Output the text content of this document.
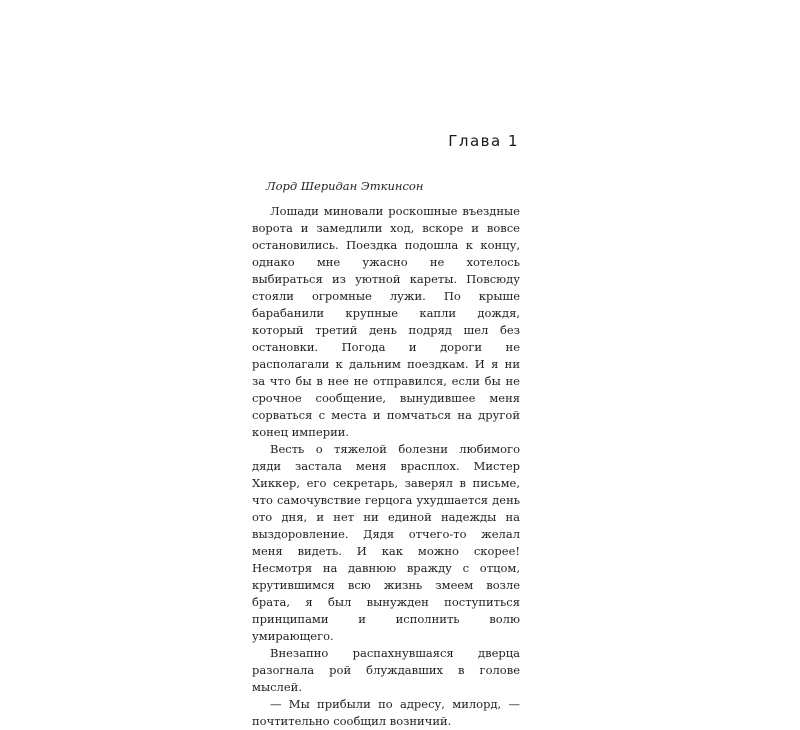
Глава 1

Лорд Шеридан Эткинсон

Лошади миновали роскошные въездные ворота и замедлили ход, вскоре и вовсе остановились. Поездка подошла к концу, однако мне ужасно не хотелось выбираться из уютной кареты. Повсюду стояли огромные лужи. По крыше барабанили крупные капли дождя, который третий день подряд шел без остановки. Погода и дороги не располагали к дальним поездкам. И я ни за что бы в нее не отправился, если бы не срочное сообщение, вынудившее меня сорваться с места и помчаться на другой конец империи.

Весть о тяжелой болезни любимого дяди застала меня врасплох. Мистер Хиккер, его секретарь, заверял в письме, что самочувствие герцога ухудшается день ото дня, и нет ни единой надежды на выздоровление. Дядя отчего-то желал меня видеть. И как можно скорее! Несмотря на давнюю вражду с отцом, крутившимся всю жизнь змеем возле брата, я был вынужден поступиться принципами и исполнить волю умирающего.

Внезапно распахнувшаяся дверца разогнала рой блуждавших в голове мыслей.

— Мы прибыли по адресу, милорд, — почтительно сообщил возничий.
